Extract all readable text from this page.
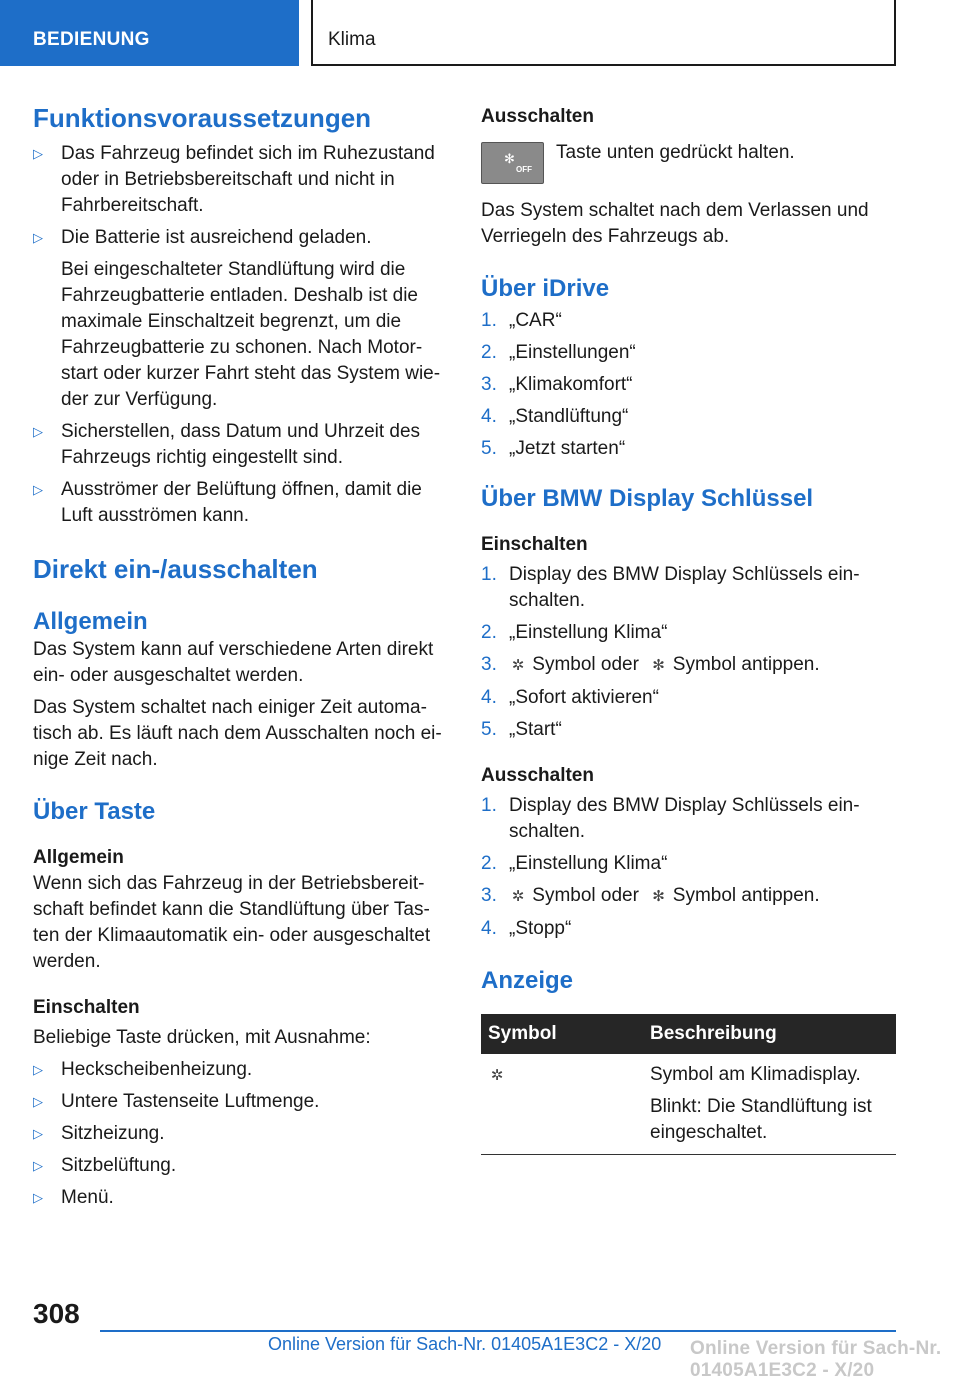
BEDIENUNG	Klima
Funktionsvoraussetzungen
▷ Das Fahrzeug befindet sich im Ruhezustand oder in Betriebsbereitschaft und nicht in Fahrbereitschaft.
▷ Die Batterie ist ausreichend geladen.
Bei eingeschalteter Standlüftung wird die Fahrzeugbatterie entladen. Deshalb ist die maximale Einschaltzeit begrenzt, um die Fahrzeugbatterie zu schonen. Nach Motor-start oder kurzer Fahrt steht das System wie-der zur Verfügung.
▷ Sicherstellen, dass Datum und Uhrzeit des Fahrzeugs richtig eingestellt sind.
▷ Ausströmer der Belüftung öffnen, damit die Luft ausströmen kann.
Direkt ein-/ausschalten
Allgemein
Das System kann auf verschiedene Arten direkt ein- oder ausgeschaltet werden.
Das System schaltet nach einiger Zeit automa-tisch ab. Es läuft nach dem Ausschalten noch ei-nige Zeit nach.
Über Taste
Allgemein
Wenn sich das Fahrzeug in der Betriebsbereit-schaft befindet kann die Standlüftung über Tas-ten der Klimaautomatik ein- oder ausgeschaltet werden.
Einschalten
Beliebige Taste drücken, mit Ausnahme:
▷ Heckscheibenheizung.
▷ Untere Tastenseite Luftmenge.
▷ Sitzheizung.
▷ Sitzbelüftung.
▷ Menü.
Ausschalten
✻
OFF
Taste unten gedrückt halten.
Das System schaltet nach dem Verlassen und Verriegeln des Fahrzeugs ab.
Über iDrive
1. „CAR“
2. „Einstellungen“
3. „Klimakomfort“
4. „Standlüftung“
5. „Jetzt starten“
Über BMW Display Schlüssel
Einschalten
1. Display des BMW Display Schlüssels ein-schalten.
2. „Einstellung Klima“
3. ✲ Symbol oder ✻ Symbol antippen.
4. „Sofort aktivieren“
5. „Start“
Ausschalten
1. Display des BMW Display Schlüssels ein-schalten.
2. „Einstellung Klima“
3. ✲ Symbol oder ✻ Symbol antippen.
4. „Stopp“
Anzeige
Symbol	Beschreibung
✲	Symbol am Klimadisplay.
Blinkt: Die Standlüftung ist eingeschaltet.
308
Online Version für Sach-Nr. 01405A1E3C2 - X/20 Online Version für Sach-Nr. 01405A1E3C2 - X/20
